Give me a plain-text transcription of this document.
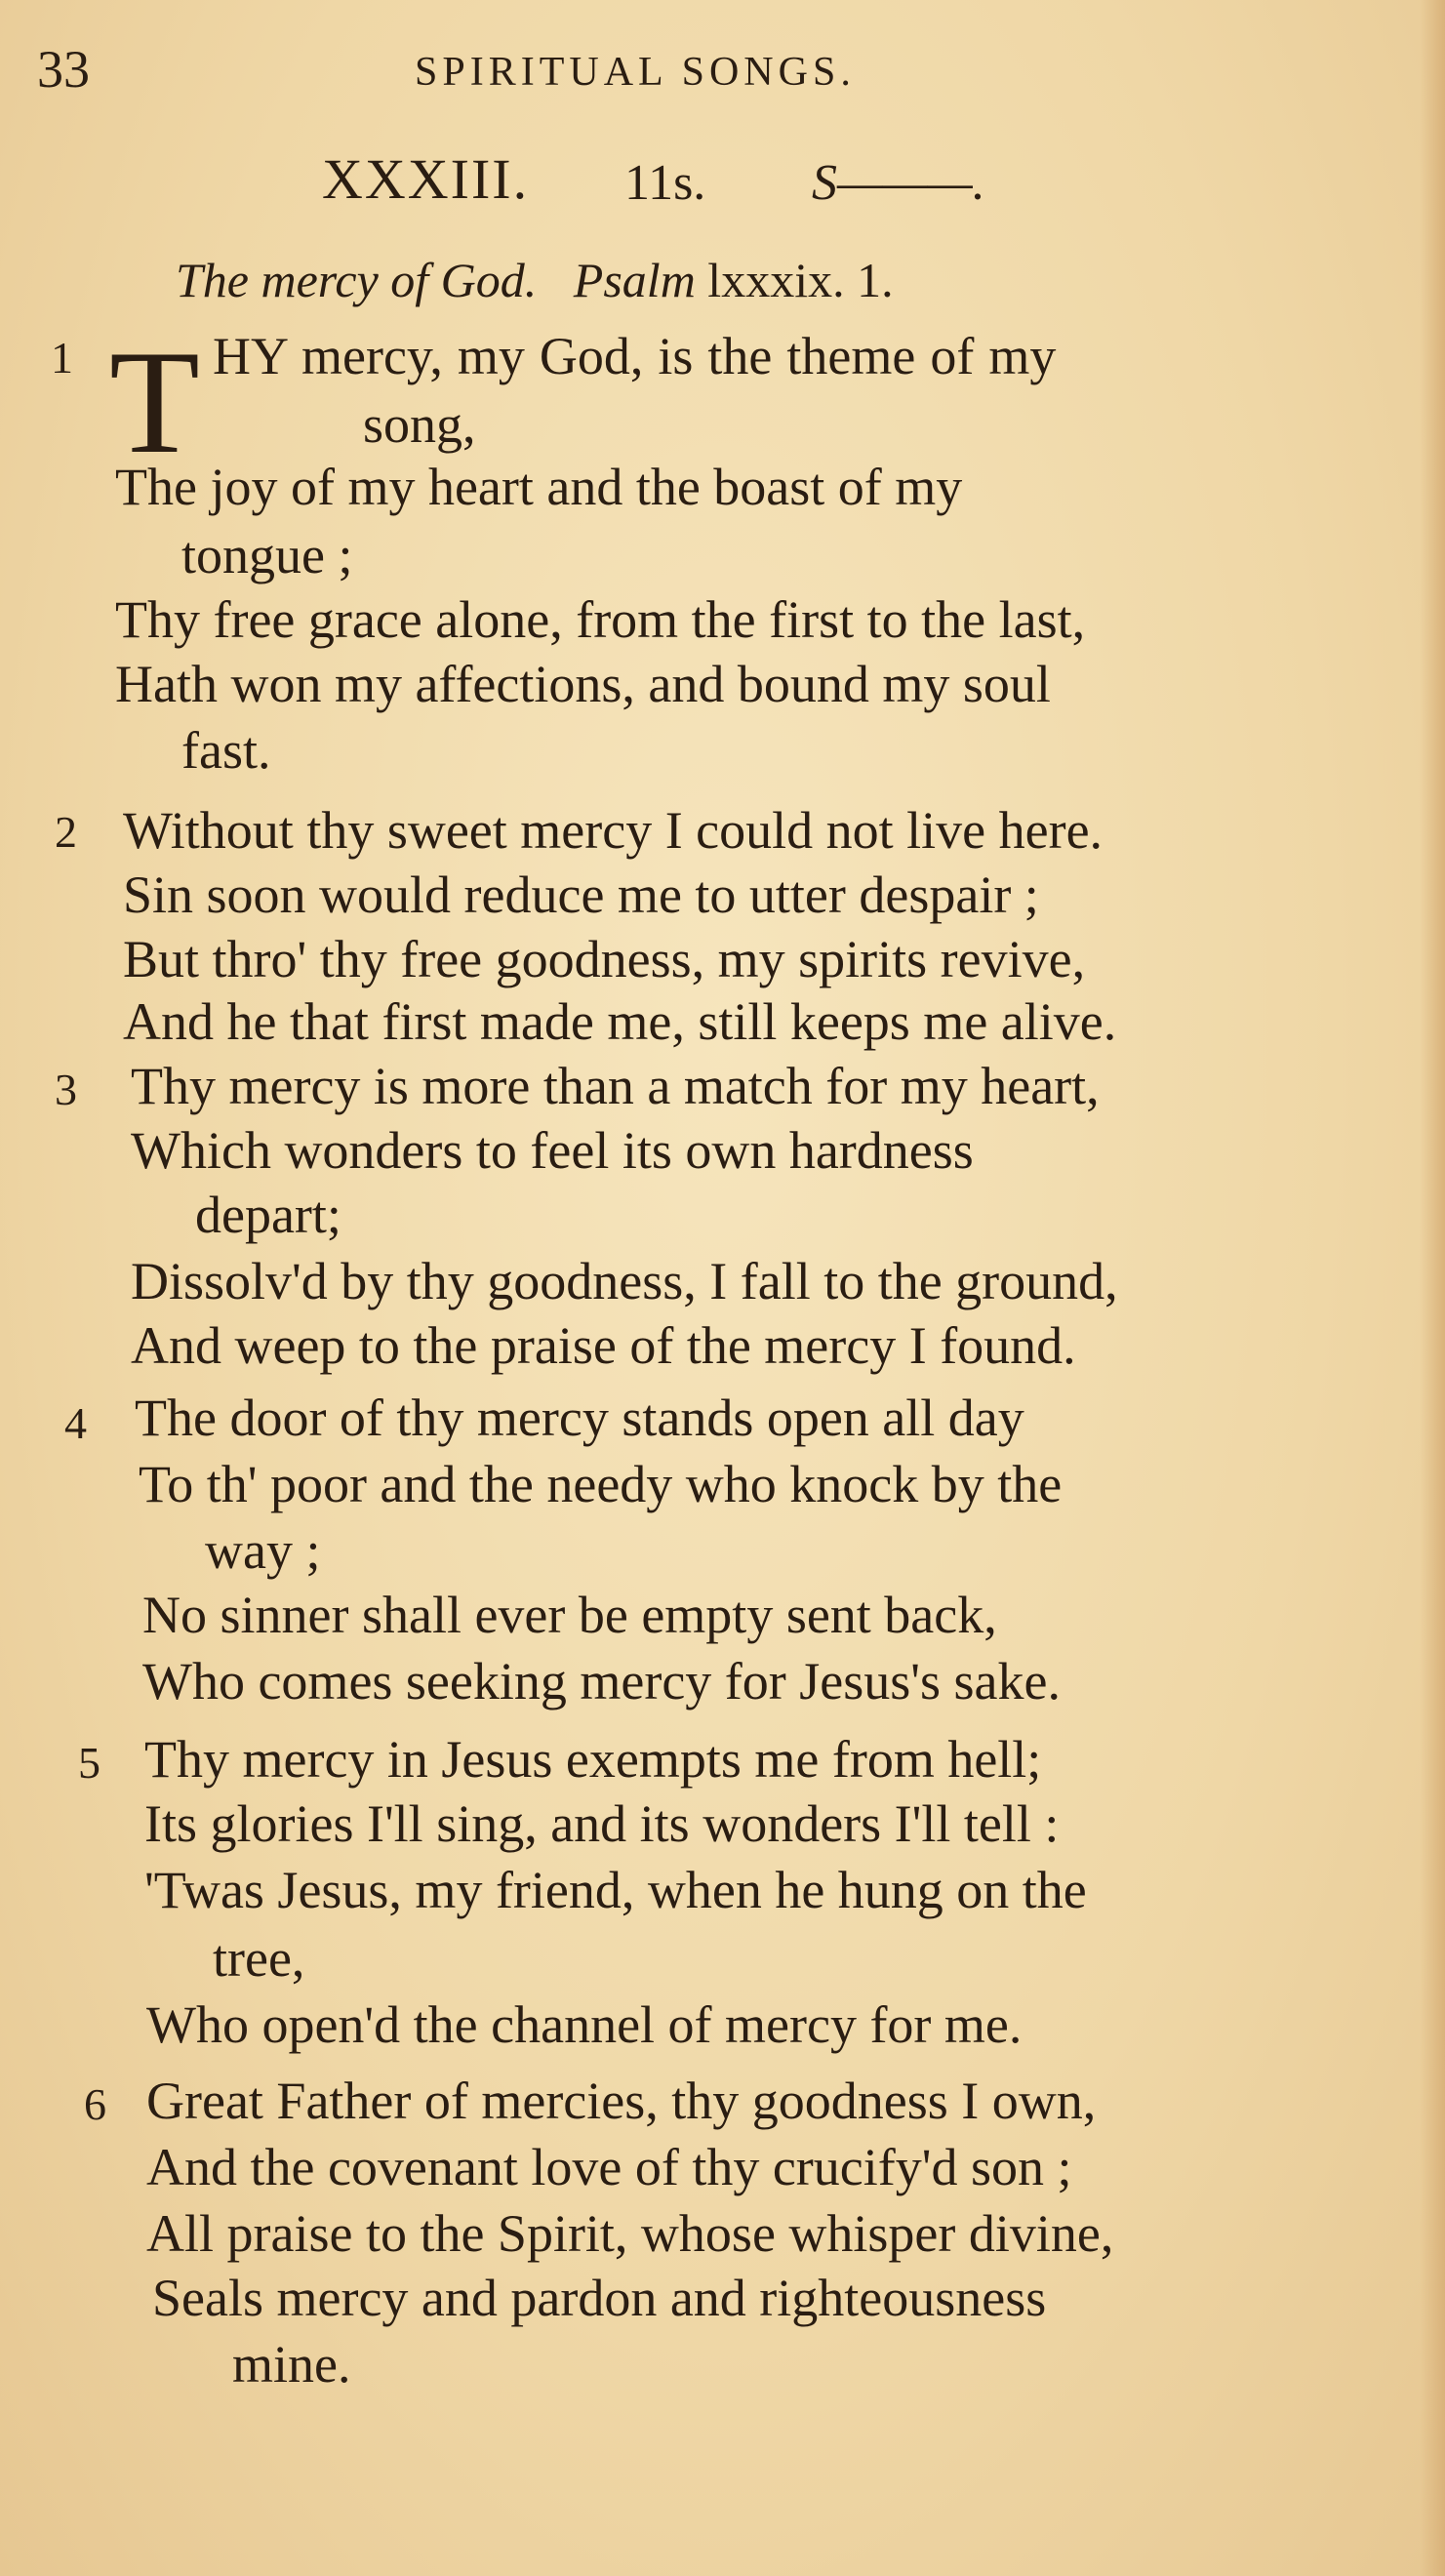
33	SPIRITUAL SONGS.
XXXIII. 11s. S———.
The mercy of God. Psalm lxxxix. 1.
1 T HY mercy, my God, is the theme of my
song,
The joy of my heart and the boast of my
tongue ;
Thy free grace alone, from the first to the last,
Hath won my affections, and bound my soul
fast.
2 Without thy sweet mercy I could not live here.
Sin soon would reduce me to utter despair ;
But thro' thy free goodness, my spirits revive,
And he that first made me, still keeps me alive.
3 Thy mercy is more than a match for my heart,
Which wonders to feel its own hardness
depart;
Dissolv'd by thy goodness, I fall to the ground,
And weep to the praise of the mercy I found.
4 The door of thy mercy stands open all day
To th' poor and the needy who knock by the
way ;
No sinner shall ever be empty sent back,
Who comes seeking mercy for Jesus's sake.
5 Thy mercy in Jesus exempts me from hell;
Its glories I'll sing, and its wonders I'll tell :
'Twas Jesus, my friend, when he hung on the
tree,
Who open'd the channel of mercy for me.
6 Great Father of mercies, thy goodness I own,
And the covenant love of thy crucify'd son ;
All praise to the Spirit, whose whisper divine,
Seals mercy and pardon and righteousness
mine.
